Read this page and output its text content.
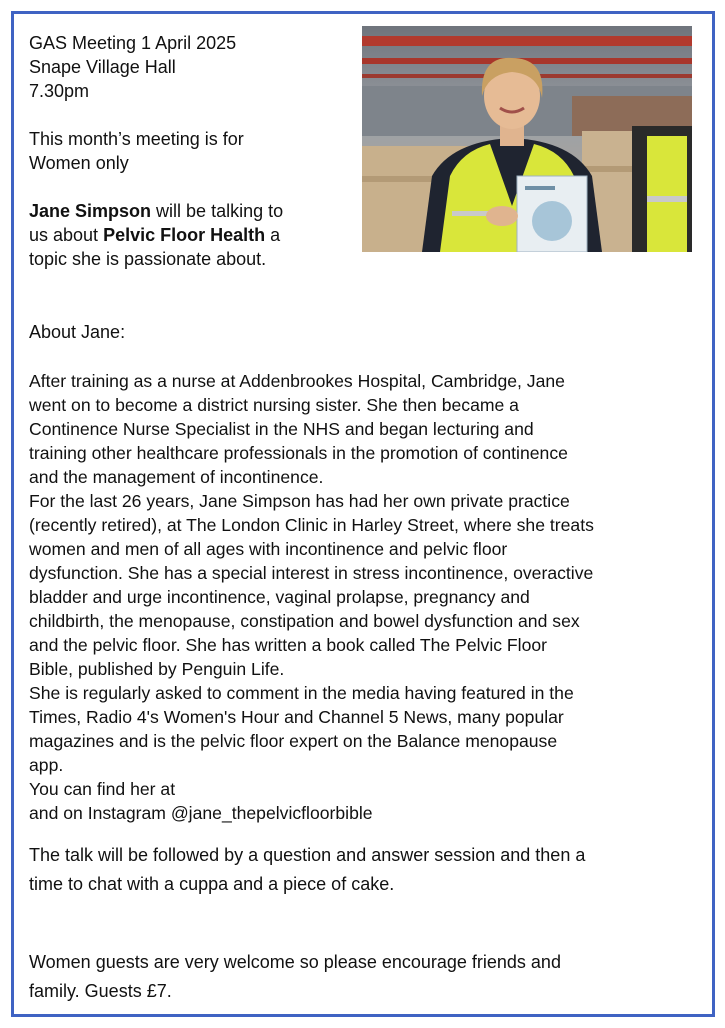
GAS Meeting 1 April 2025
Snape Village Hall
7.30pm
This month’s meeting is for
Women only
Jane Simpson will be talking to
us about Pelvic Floor Health a
topic she is passionate about.
About Jane:
After training as a nurse at Addenbrookes Hospital, Cambridge, Jane
went on to become a district nursing sister. She then became a
Continence Nurse Specialist in the NHS and began lecturing and
training other healthcare professionals in the promotion of continence
and the management of incontinence.
For the last 26 years, Jane Simpson has had her own private practice
(recently retired), at The London Clinic in Harley Street, where she treats
women and men of all ages with incontinence and pelvic floor
dysfunction. She has a special interest in stress incontinence, overactive
bladder and urge incontinence, vaginal prolapse, pregnancy and
childbirth, the menopause, constipation and bowel dysfunction and sex
and the pelvic floor. She has written a book called The Pelvic Floor
Bible, published by Penguin Life.
She is regularly asked to comment in the media having featured in the
Times, Radio 4's Women's Hour and Channel 5 News, many popular
magazines and is the pelvic floor expert on the Balance menopause
app.
You can find her at
and on Instagram @jane_thepelvicfloorbible
The talk will be followed by a question and answer session and then a
time to chat with a cuppa and a piece of cake.
Women guests are very welcome so please encourage friends and
family. Guests £7.
